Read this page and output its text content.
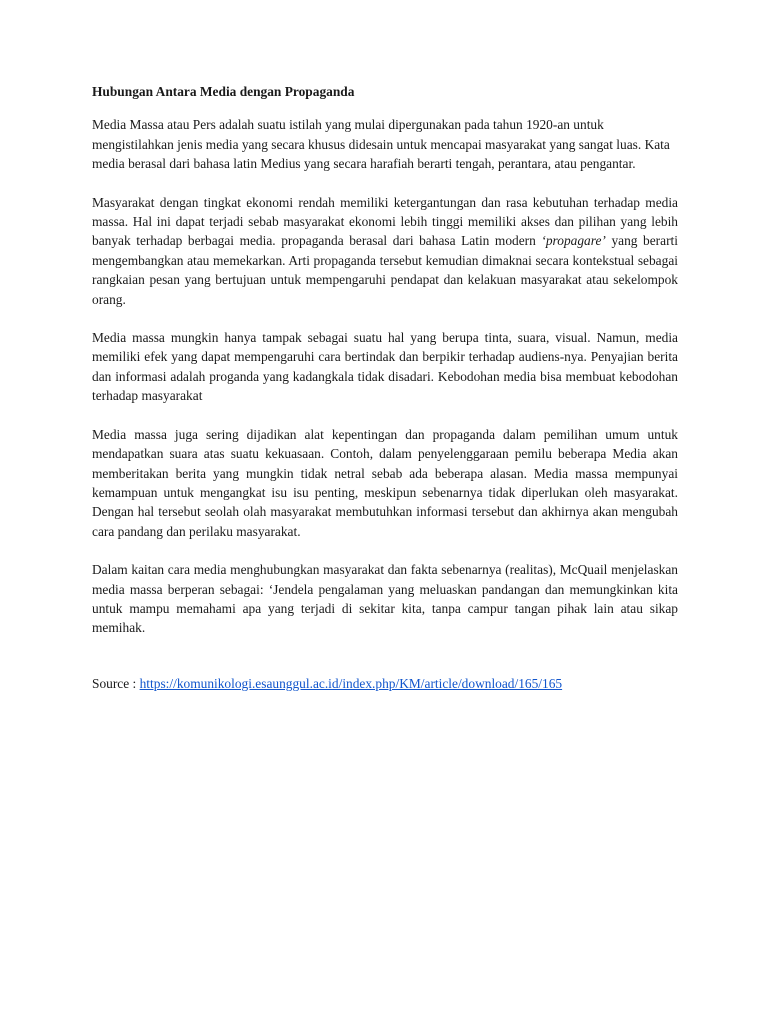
Hubungan Antara Media dengan Propaganda

Media Massa atau Pers adalah suatu istilah yang mulai dipergunakan pada tahun 1920-an untuk mengistilahkan jenis media yang secara khusus didesain untuk mencapai masyarakat yang sangat luas. Kata media berasal dari bahasa latin Medius yang secara harafiah berarti tengah, perantara, atau pengantar.

Masyarakat dengan tingkat ekonomi rendah memiliki ketergantungan dan rasa kebutuhan terhadap media massa. Hal ini dapat terjadi sebab masyarakat ekonomi lebih tinggi memiliki akses dan pilihan yang lebih banyak terhadap berbagai media. propaganda berasal dari bahasa Latin modern ‘propagare’ yang berarti mengembangkan atau memekarkan. Arti propaganda tersebut kemudian dimaknai secara kontekstual sebagai rangkaian pesan yang bertujuan untuk mempengaruhi pendapat dan kelakuan masyarakat atau sekelompok orang.

Media massa mungkin hanya tampak sebagai suatu hal yang berupa tinta, suara, visual. Namun, media memiliki efek yang dapat mempengaruhi cara bertindak dan berpikir terhadap audiens-nya. Penyajian berita dan informasi adalah proganda yang kadangkala tidak disadari. Kebodohan media bisa membuat kebodohan terhadap masyarakat

Media massa juga sering dijadikan alat kepentingan dan propaganda dalam pemilihan umum untuk mendapatkan suara atas suatu kekuasaan. Contoh, dalam penyelenggaraan pemilu beberapa Media akan memberitakan berita yang mungkin tidak netral sebab ada beberapa alasan. Media massa mempunyai kemampuan untuk mengangkat isu isu penting, meskipun sebenarnya tidak diperlukan oleh masyarakat. Dengan hal tersebut seolah olah masyarakat membutuhkan informasi tersebut dan akhirnya akan mengubah cara pandang dan perilaku masyarakat.

Dalam kaitan cara media menghubungkan masyarakat dan fakta sebenarnya (realitas), McQuail menjelaskan media massa berperan sebagai: ‘Jendela pengalaman yang meluaskan pandangan dan memungkinkan kita untuk mampu memahami apa yang terjadi di sekitar kita, tanpa campur tangan pihak lain atau sikap memihak.

Source : https://komunikologi.esaunggul.ac.id/index.php/KM/article/download/165/165
